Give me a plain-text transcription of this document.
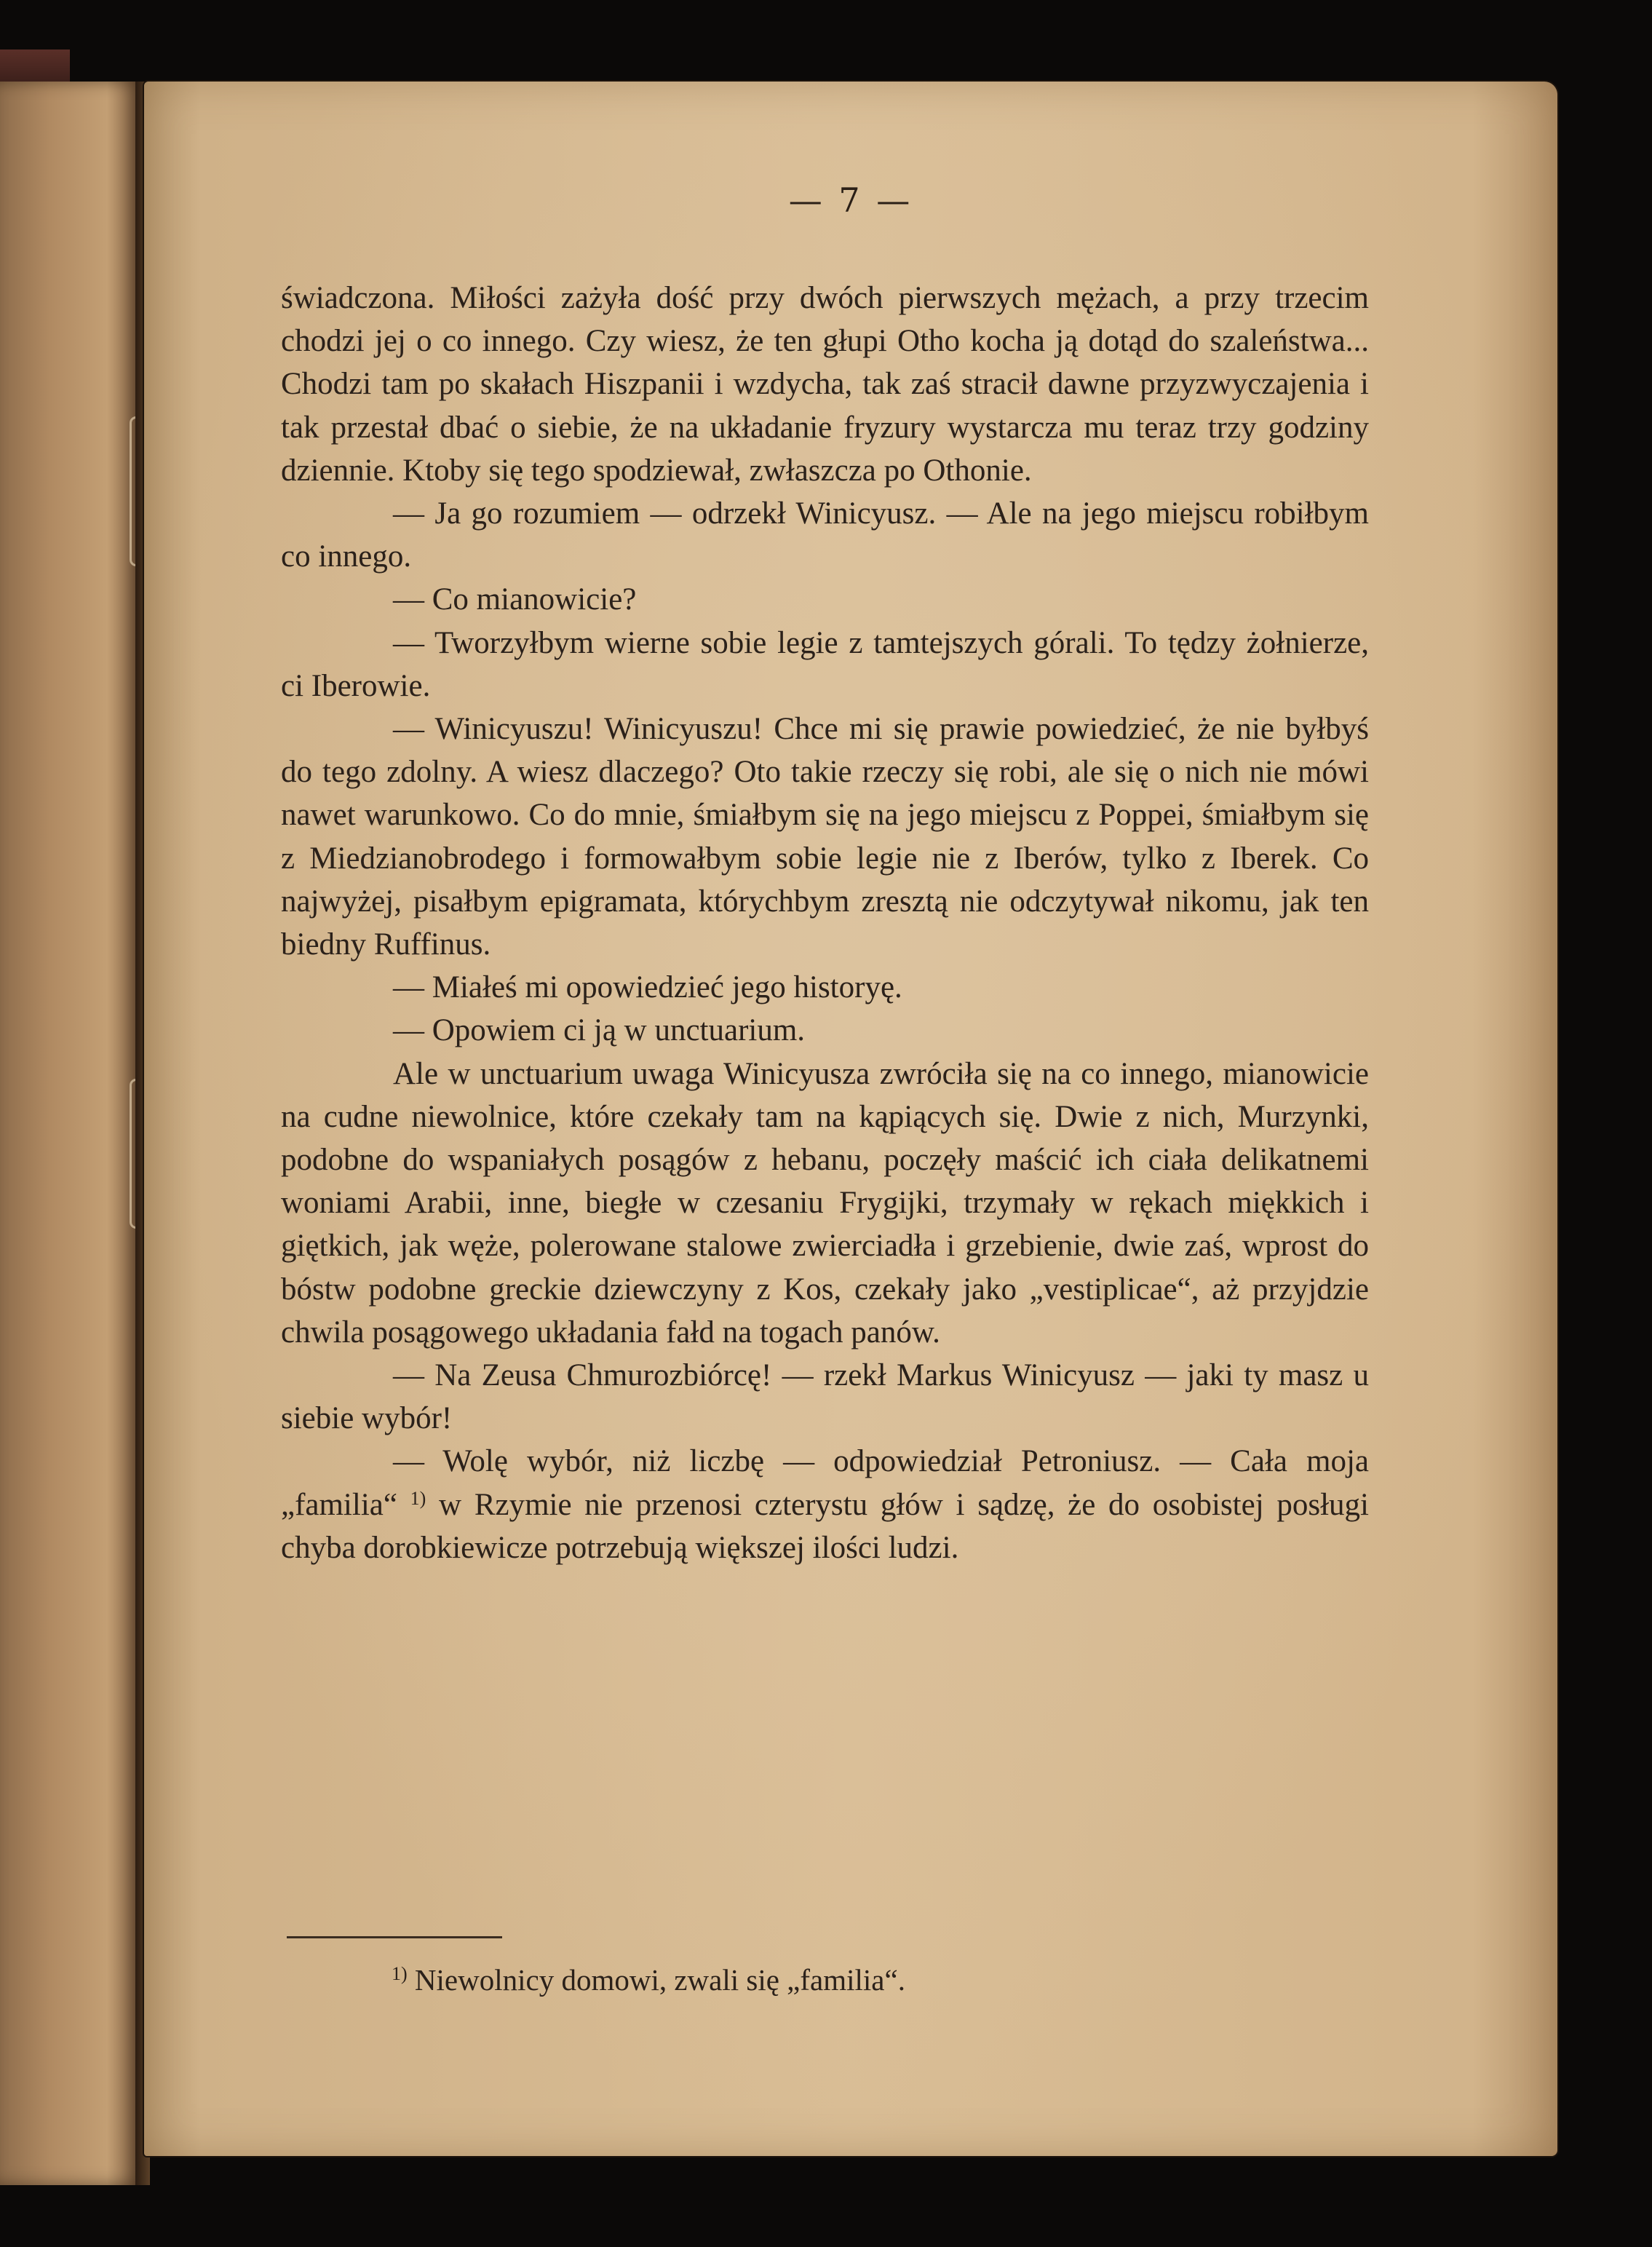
— 7 —

świadczona. Miłości zażyła dość przy dwóch pierwszych mężach, a przy trzecim chodzi jej o co innego. Czy wiesz, że ten głupi Otho kocha ją dotąd do szaleństwa... Chodzi tam po skałach Hiszpanii i wzdycha, tak zaś stracił dawne przyzwyczajenia i tak przestał dbać o siebie, że na układanie fryzury wystarcza mu teraz trzy godziny dziennie. Ktoby się tego spodziewał, zwłaszcza po Othonie.

— Ja go rozumiem — odrzekł Winicyusz. — Ale na jego miejscu robiłbym co innego.

— Co mianowicie?

— Tworzyłbym wierne sobie legie z tamtejszych górali. To tędzy żołnierze, ci Iberowie.

— Winicyuszu! Winicyuszu! Chce mi się prawie powiedzieć, że nie byłbyś do tego zdolny. A wiesz dlaczego? Oto takie rzeczy się robi, ale się o nich nie mówi nawet warunkowo. Co do mnie, śmiałbym się na jego miejscu z Poppei, śmiałbym się z Miedzianobrodego i formowałbym sobie legie nie z Iberów, tylko z Iberek. Co najwyżej, pisałbym epigramata, którychbym zresztą nie odczytywał nikomu, jak ten biedny Ruffinus.

— Miałeś mi opowiedzieć jego historyę.

— Opowiem ci ją w unctuarium.

Ale w unctuarium uwaga Winicyusza zwróciła się na co innego, mianowicie na cudne niewolnice, które czekały tam na kąpiących się. Dwie z nich, Murzynki, podobne do wspaniałych posągów z hebanu, poczęły maścić ich ciała delikatnemi woniami Arabii, inne, biegłe w czesaniu Frygijki, trzymały w rękach miękkich i giętkich, jak węże, polerowane stalowe zwierciadła i grzebienie, dwie zaś, wprost do bóstw podobne greckie dziewczyny z Kos, czekały jako „vestiplicae“, aż przyjdzie chwila posągowego układania fałd na togach panów.

— Na Zeusa Chmurozbiórcę! — rzekł Markus Winicyusz — jaki ty masz u siebie wybór!

— Wolę wybór, niż liczbę — odpowiedział Petroniusz. — Cała moja „familia“ $^{1)}$ w Rzymie nie przenosi czterystu głów i sądzę, że do osobistej posługi chyba dorobkiewicze potrzebują większej ilości ludzi.

$^{1)}$ Niewolnicy domowi, zwali się „familia“.
